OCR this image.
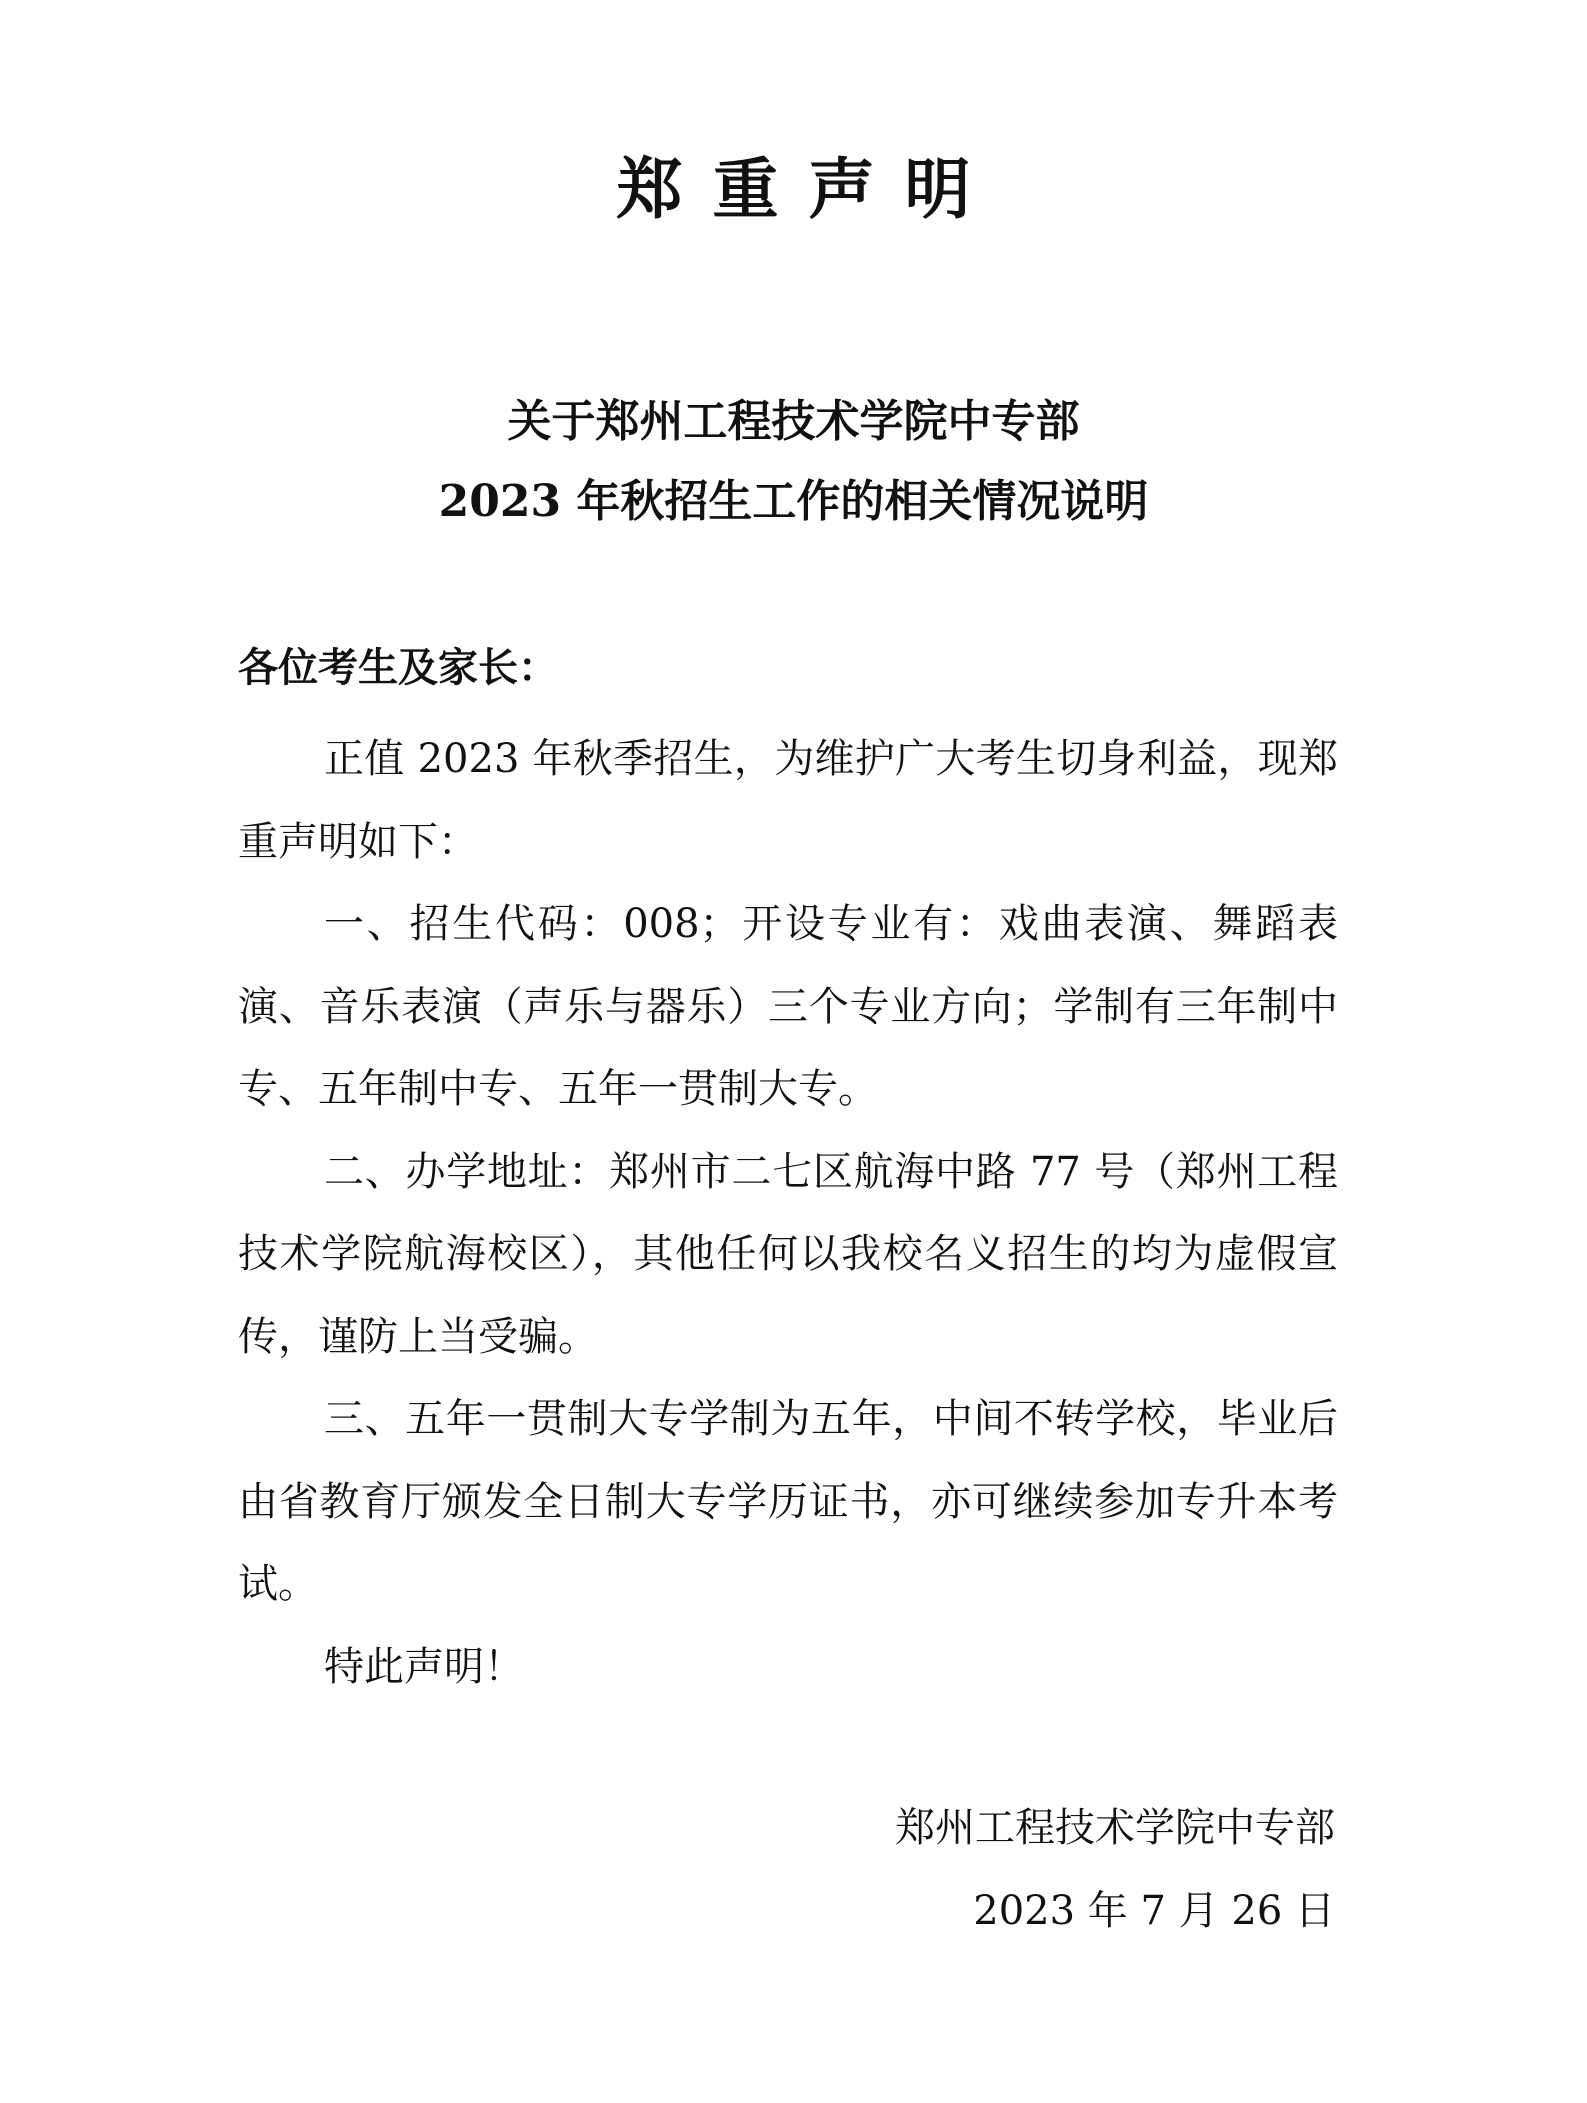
郑重声明
关于郑州工程技术学院中专部
2023 年秋招生工作的相关情况说明
各位考生及家长：

正值 2023 年秋季招生，为维护广大考生切身利益，现郑重声明如下：

一、招生代码：008；开设专业有：戏曲表演、舞蹈表演、音乐表演（声乐与器乐）三个专业方向；学制有三年制中专、五年制中专、五年一贯制大专。

二、办学地址：郑州市二七区航海中路 77 号（郑州工程技术学院航海校区），其他任何以我校名义招生的均为虚假宣传，谨防上当受骗。

三、五年一贯制大专学制为五年，中间不转学校，毕业后由省教育厅颁发全日制大专学历证书，亦可继续参加专升本考试。

特此声明！

郑州工程技术学院中专部
2023 年 7 月 26 日
